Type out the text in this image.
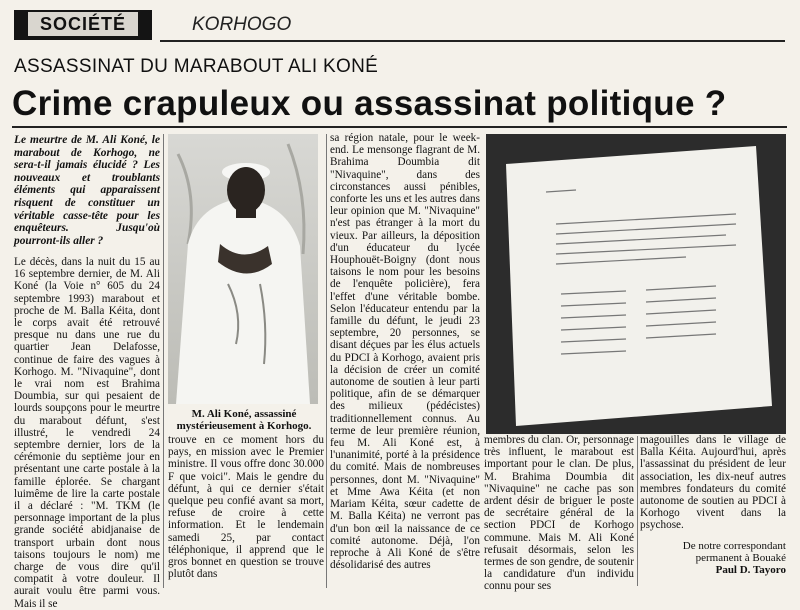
SOCIÉTÉ	KORHOGO
ASSASSINAT DU MARABOUT ALI KONÉ
Crime crapuleux ou assassinat politique ?
Le meurtre de M. Ali Koné, le marabout de Korhogo, ne sera-t-il jamais élucidé ? Les nouveaux et troublants éléments qui apparaissent risquent de constituer un véritable casse-tête pour les enquêteurs. Jusqu'où pourront-ils aller ?
Le décès, dans la nuit du 15 au 16 septembre dernier, de M. Ali Koné (la Voie n° 605 du 24 septembre 1993) marabout et proche de M. Balla Kéita, dont le corps avait été retrouvé presque nu dans une rue du quartier Jean Delafosse, continue de faire des vagues à Korhogo. M. "Nivaquine", dont le vrai nom est Brahima Doumbia, sur qui pesaient de lourds soupçons pour le meurtre du marabout défunt, s'est illustré, le vendredi 24 septembre dernier, lors de la cérémonie du septième jour en présentant une carte postale à la famille éplorée. Se chargant luimême de lire la carte postale il a déclaré : "M. TKM (le personnage important de la plus grande société abidjanaise de transport urbain dont nous taisons toujours le nom) me charge de vous dire qu'il compatit à votre douleur. Il aurait voulu être parmi vous. Mais il se
M. Ali Koné, assassiné mystérieusement à Korhogo.
trouve en ce moment hors du pays, en mission avec le Premier ministre. Il vous offre donc 30.000 F que voici". Mais le gendre du défunt, à qui ce dernier s'était quelque peu confié avant sa mort, refuse de croire à cette information. Et le lendemain samedi 25, par contact téléphonique, il apprend que le gros bonnet en question se trouve plutôt dans
sa région natale, pour le week-end. Le mensonge flagrant de M. Brahima Doumbia dit "Nivaquine", dans des circonstances aussi pénibles, conforte les uns et les autres dans leur opinion que M. "Nivaquine" n'est pas étranger à la mort du vieux. Par ailleurs, la déposition d'un éducateur du lycée Houphouët-Boigny (dont nous taisons le nom pour les besoins de l'enquête policière), fera l'effet d'une véritable bombe. Selon l'éducateur entendu par la famille du défunt, le jeudi 23 septembre, 20 personnes, se disant déçues par les élus actuels du PDCI à Korhogo, avaient pris la décision de créer un comité autonome de soutien à leur parti politique, afin de se démarquer des milieux (pédécistes) traditionnellement connus. Au terme de leur première réunion, feu M. Ali Koné est, à l'unanimité, porté à la présidence du comité. Mais de nombreuses personnes, dont M. "Nivaquine" et Mme Awa Kéita (et non Mariam Kéita, sœur cadette de M. Balla Kéita) ne verront pas d'un bon œil la naissance de ce comité autonome. Déjà, l'on reproche à Ali Koné de s'être désolidarisé des autres
membres du clan. Or, personnage très influent, le marabout est important pour le clan. De plus, M. Brahima Doumbia dit "Nivaquine" ne cache pas son ardent désir de briguer le poste de secrétaire général de la section PDCI de Korhogo commune. Mais M. Ali Koné refusait désormais, selon les termes de son gendre, de soutenir la candidature d'un individu connu pour ses
magouilles dans le village de Balla Kéita. Aujourd'hui, après l'assassinat du président de leur association, les dix-neuf autres membres fondateurs du comité autonome de soutien au PDCI à Korhogo vivent dans la psychose.
De notre correspondant permanent à Bouaké
Paul D. Tayoro
